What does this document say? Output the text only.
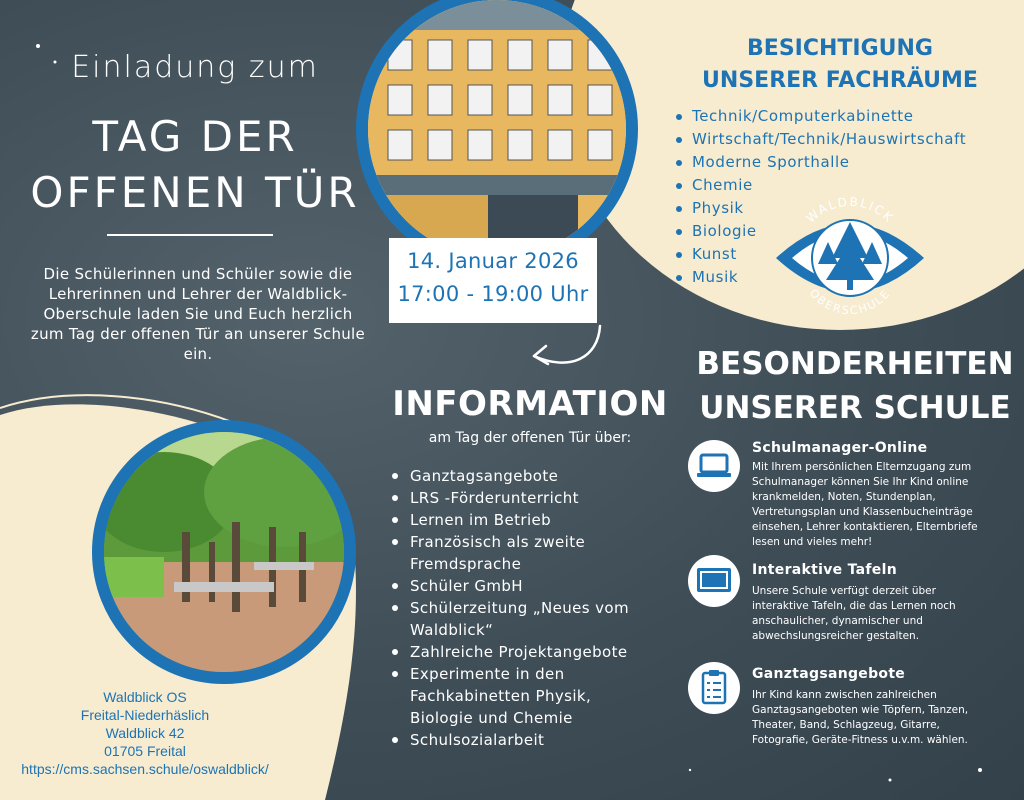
Einladung zum
TAG DER
OFFENEN TÜR
Die Schülerinnen und Schüler sowie die Lehrerinnen und Lehrer der Waldblick-Oberschule laden Sie und Euch herzlich zum Tag der offenen Tür an unserer Schule ein.
14. Januar 2026
17:00 - 19:00 Uhr
BESICHTIGUNG
UNSERER FACHRÄUME
Technik/Computerkabinette
Wirtschaft/Technik/Hauswirtschaft
Moderne Sporthalle
Chemie
Physik
Biologie
Kunst
Musik
WALDBLICK
OBERSCHULE
INFORMATION
am Tag der offenen Tür über:
Ganztagsangebote
LRS -Förderunterricht
Lernen im Betrieb
Französisch als zweite Fremdsprache
Schüler GmbH
Schülerzeitung „Neues vom Waldblick“
Zahlreiche Projektangebote
Experimente in den Fachkabinetten Physik, Biologie und Chemie
Schulsozialarbeit
BESONDERHEITEN
UNSERER SCHULE
Schulmanager-Online
Mit Ihrem persönlichen Elternzugang zum Schulmanager können Sie Ihr Kind online krankmelden, Noten, Stundenplan, Vertretungsplan und Klassenbucheinträge einsehen, Lehrer kontaktieren, Elternbriefe lesen und vieles mehr!
Interaktive Tafeln
Unsere Schule verfügt derzeit über interaktive Tafeln, die das Lernen noch anschaulicher, dynamischer und abwechslungsreicher gestalten.
Ganztagsangebote
Ihr Kind kann zwischen zahlreichen Ganztagsangeboten wie Töpfern, Tanzen, Theater, Band, Schlagzeug, Gitarre, Fotografie, Geräte-Fitness u.v.m. wählen.
Waldblick OS
Freital-Niederhäslich
Waldblick 42
01705 Freital
https://cms.sachsen.schule/oswaldblick/
